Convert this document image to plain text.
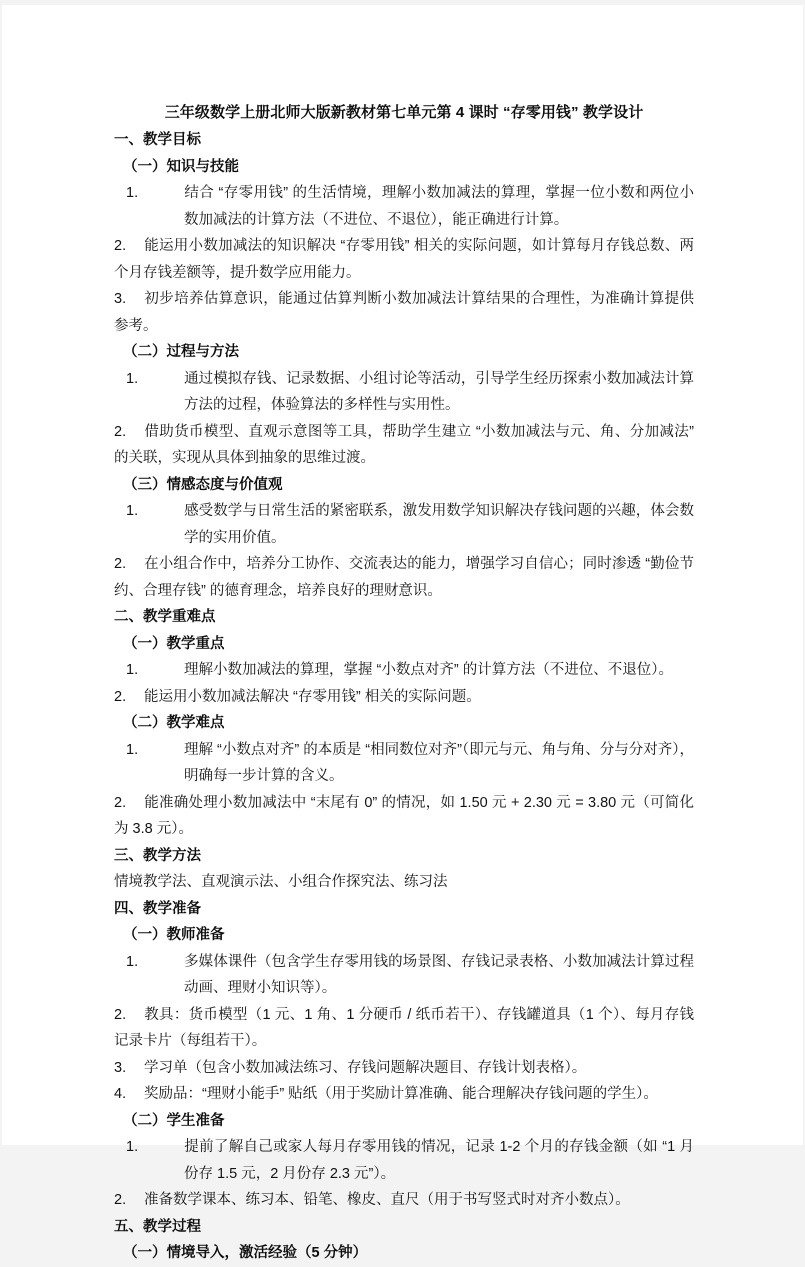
三年级数学上册北师大版新教材第七单元第 4 课时 “存零用钱” 教学设计
一、教学目标
（一）知识与技能
1.	结合 “存零用钱” 的生活情境，理解小数加减法的算理，掌握一位小数和两位小数加减法的计算方法（不进位、不退位），能正确进行计算。
2. 能运用小数加减法的知识解决 “存零用钱” 相关的实际问题，如计算每月存钱总数、两个月存钱差额等，提升数学应用能力。
3. 初步培养估算意识，能通过估算判断小数加减法计算结果的合理性，为准确计算提供参考。
（二）过程与方法
1.	通过模拟存钱、记录数据、小组讨论等活动，引导学生经历探索小数加减法计算方法的过程，体验算法的多样性与实用性。
2. 借助货币模型、直观示意图等工具，帮助学生建立 “小数加减法与元、角、分加减法” 的关联，实现从具体到抽象的思维过渡。
（三）情感态度与价值观
1.	感受数学与日常生活的紧密联系，激发用数学知识解决存钱问题的兴趣，体会数学的实用价值。
2. 在小组合作中，培养分工协作、交流表达的能力，增强学习自信心；同时渗透 “勤俭节约、合理存钱” 的德育理念，培养良好的理财意识。
二、教学重难点
（一）教学重点
1.	理解小数加减法的算理，掌握 “小数点对齐” 的计算方法（不进位、不退位）。
2. 能运用小数加减法解决 “存零用钱” 相关的实际问题。
（二）教学难点
1.	理解 “小数点对齐” 的本质是 “相同数位对齐”（即元与元、角与角、分与分对齐），明确每一步计算的含义。
2. 能准确处理小数加减法中 “末尾有 0” 的情况，如 1.50 元 + 2.30 元 = 3.80 元（可简化为 3.8 元）。
三、教学方法
情境教学法、直观演示法、小组合作探究法、练习法
四、教学准备
（一）教师准备
1.	多媒体课件（包含学生存零用钱的场景图、存钱记录表格、小数加减法计算过程动画、理财小知识等）。
2. 教具：货币模型（1 元、1 角、1 分硬币 / 纸币若干）、存钱罐道具（1 个）、每月存钱记录卡片（每组若干）。
3. 学习单（包含小数加减法练习、存钱问题解决题目、存钱计划表格）。
4. 奖励品：“理财小能手” 贴纸（用于奖励计算准确、能合理解决存钱问题的学生）。
（二）学生准备
1.	提前了解自己或家人每月存零用钱的情况，记录 1-2 个月的存钱金额（如 “1 月份存 1.5 元，2 月份存 2.3 元”）。
2. 准备数学课本、练习本、铅笔、橡皮、直尺（用于书写竖式时对齐小数点）。
五、教学过程
（一）情境导入，激活经验（5 分钟）
